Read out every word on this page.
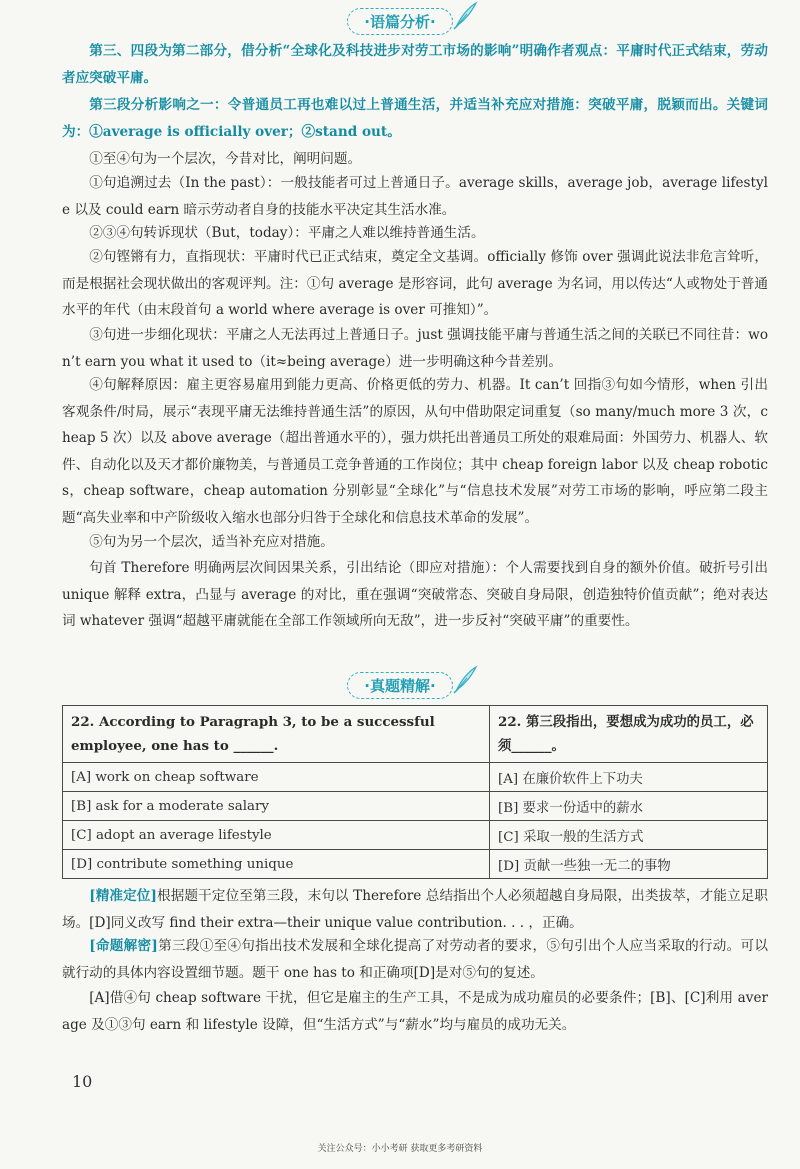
·语篇分析·
第三、四段为第二部分，借分析“全球化及科技进步对劳工市场的影响”明确作者观点：平庸时代正式结束，劳动者应突破平庸。
第三段分析影响之一：令普通员工再也难以过上普通生活，并适当补充应对措施：突破平庸，脱颖而出。关键词为：①average is officially over；②stand out。
①至④句为一个层次，今昔对比，阐明问题。
①句追溯过去（In the past）：一般技能者可过上普通日子。average skills，average job，average lifestyle 以及 could earn 暗示劳动者自身的技能水平决定其生活水准。
②③④句转诉现状（But，today）：平庸之人难以维持普通生活。
②句铿锵有力，直指现状：平庸时代已正式结束，奠定全文基调。officially 修饰 over 强调此说法非危言耸听，而是根据社会现状做出的客观评判。注：①句 average 是形容词，此句 average 为名词，用以传达“人或物处于普通水平的年代（由末段首句 a world where average is over 可推知）”。
③句进一步细化现状：平庸之人无法再过上普通日子。just 强调技能平庸与普通生活之间的关联已不同往昔：won’t earn you what it used to（it≈being average）进一步明确这种今昔差别。
④句解释原因：雇主更容易雇用到能力更高、价格更低的劳力、机器。It can’t 回指③句如今情形，when 引出客观条件/时局，展示“表现平庸无法维持普通生活”的原因，从句中借助限定词重复（so many/much more 3 次，cheap 5 次）以及 above average（超出普通水平的），强力烘托出普通员工所处的艰难局面：外国劳力、机器人、软件、自动化以及天才都价廉物美，与普通员工竞争普通的工作岗位；其中 cheap foreign labor 以及 cheap robotics，cheap software，cheap automation 分别彰显“全球化”与“信息技术发展”对劳工市场的影响，呼应第二段主题“高失业率和中产阶级收入缩水也部分归咎于全球化和信息技术革命的发展”。
⑤句为另一个层次，适当补充应对措施。
句首 Therefore 明确两层次间因果关系，引出结论（即应对措施）：个人需要找到自身的额外价值。破折号引出 unique 解释 extra，凸显与 average 的对比，重在强调“突破常态、突破自身局限，创造独特价值贡献”；绝对表达词 whatever 强调“超越平庸就能在全部工作领域所向无敌”，进一步反衬“突破平庸”的重要性。
·真题精解·
22. According to Paragraph 3, to be a successful employee, one has to ______.	22. 第三段指出，要想成为成功的员工，必须______。
[A] work on cheap software	[A] 在廉价软件上下功夫
[B] ask for a moderate salary	[B] 要求一份适中的薪水
[C] adopt an average lifestyle	[C] 采取一般的生活方式
[D] contribute something unique	[D] 贡献一些独一无二的事物
[精准定位]根据题干定位至第三段，末句以 Therefore 总结指出个人必须超越自身局限，出类拔萃，才能立足职场。[D]同义改写 find their extra—their unique value contribution. . . ，正确。
[命题解密]第三段①至④句指出技术发展和全球化提高了对劳动者的要求，⑤句引出个人应当采取的行动。可以就行动的具体内容设置细节题。题干 one has to 和正确项[D]是对⑤句的复述。
[A]借④句 cheap software 干扰，但它是雇主的生产工具，不是成为成功雇员的必要条件；[B]、[C]利用 average 及①③句 earn 和 lifestyle 设障，但“生活方式”与“薪水”均与雇员的成功无关。
10
关注公众号：小小考研 获取更多考研资料
